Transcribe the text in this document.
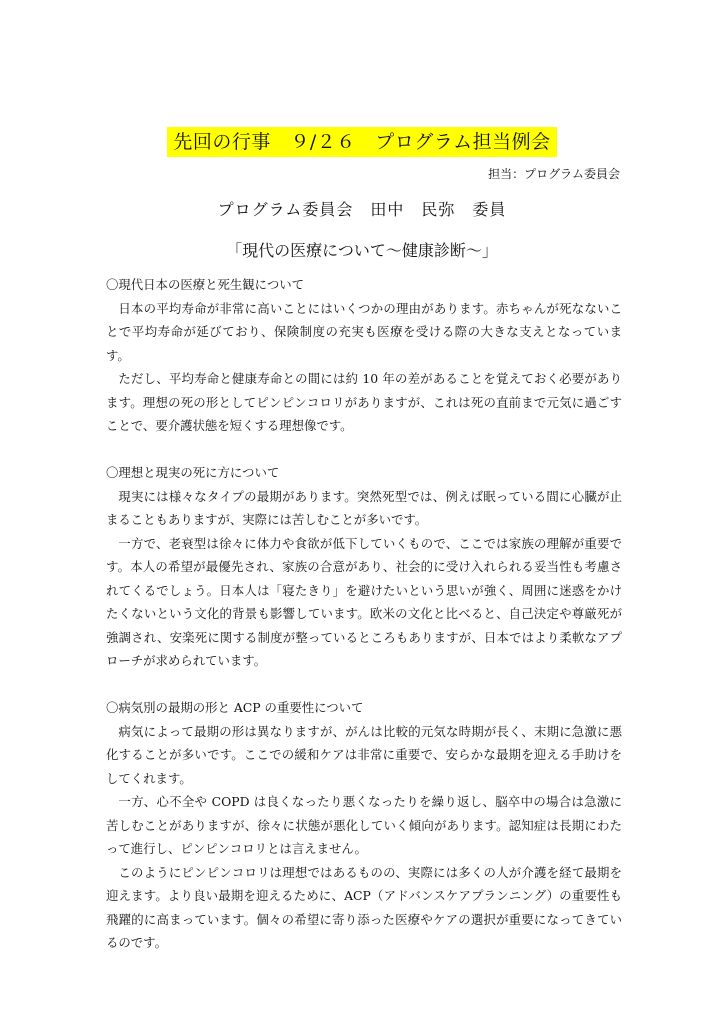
先回の行事　９/２６　プログラム担当例会
担当：プログラム委員会
プログラム委員会　田中　民弥　委員
「現代の医療について～健康診断～」

〇現代日本の医療と死生観について

日本の平均寿命が非常に高いことにはいくつかの理由があります。赤ちゃんが死なないことで平均寿命が延びており、保険制度の充実も医療を受ける際の大きな支えとなっています。

ただし、平均寿命と健康寿命との間には約 10 年の差があることを覚えておく必要があります。理想の死の形としてピンピンコロリがありますが、これは死の直前まで元気に過ごすことで、要介護状態を短くする理想像です。

〇理想と現実の死に方について

現実には様々なタイプの最期があります。突然死型では、例えば眠っている間に心臓が止まることもありますが、実際には苦しむことが多いです。

一方で、老衰型は徐々に体力や食欲が低下していくもので、ここでは家族の理解が重要です。本人の希望が最優先され、家族の合意があり、社会的に受け入れられる妥当性も考慮されてくるでしょう。日本人は「寝たきり」を避けたいという思いが強く、周囲に迷惑をかけたくないという文化的背景も影響しています。欧米の文化と比べると、自己決定や尊厳死が強調され、安楽死に関する制度が整っているところもありますが、日本ではより柔軟なアプローチが求められています。

〇病気別の最期の形と ACP の重要性について

病気によって最期の形は異なりますが、がんは比較的元気な時期が長く、末期に急激に悪化することが多いです。ここでの緩和ケアは非常に重要で、安らかな最期を迎える手助けをしてくれます。

一方、心不全や COPD は良くなったり悪くなったりを繰り返し、脳卒中の場合は急激に苦しむことがありますが、徐々に状態が悪化していく傾向があります。認知症は長期にわたって進行し、ピンピンコロリとは言えません。

このようにピンピンコロリは理想ではあるものの、実際には多くの人が介護を経て最期を迎えます。より良い最期を迎えるために、ACP（アドバンスケアプランニング）の重要性も飛躍的に高まっています。個々の希望に寄り添った医療やケアの選択が重要になってきているのです。
